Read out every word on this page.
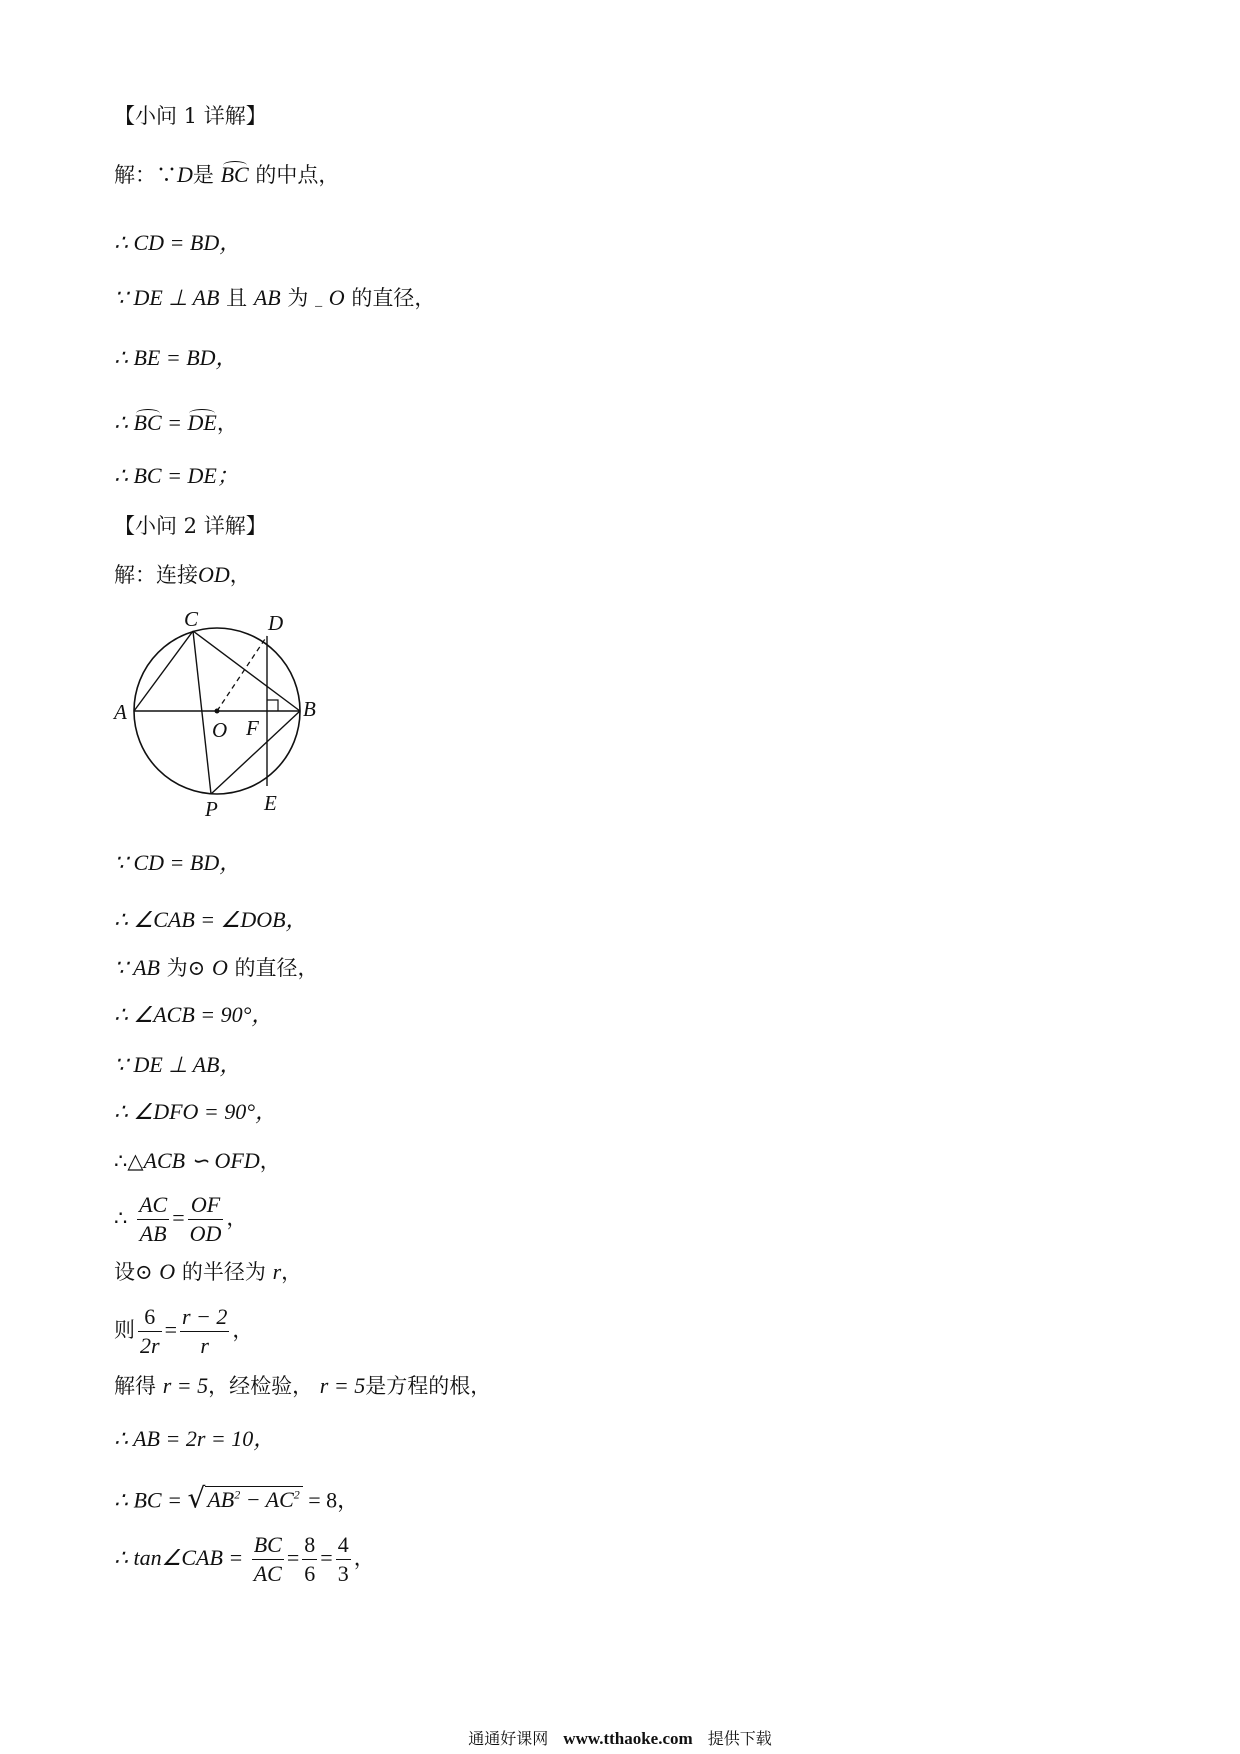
【小问 1 详解】
解：∵D是 BC 的中点，
∴ CD = BD，
∵ DE ⊥ AB 且 AB 为 _ O 的直径，
∴ BE = BD，
∴ BC = DE，
∴ BC = DE；
【小问 2 详解】
解：连接OD，
C	D
A
O F
B
E
P
∵ CD = BD，
∴ ∠CAB = ∠DOB，
∵ AB 为⊙ O 的直径，
∴ ∠ACB = 90°，
∵ DE ⊥ AB，
∴ ∠DFO = 90°，
∴△ACB ∽ OFD，
∴ $\frac{AC}{AB} = \frac{OF}{OD}$ ，
设⊙ O 的半径为 r，
则 $\frac{6}{2r} = \frac{r - 2}{r}$ ，
解得 r = 5，经检验， r = 5是方程的根，
∴ AB = 2r = 10，
∴ BC = $√AB^2 - AC^2 = 8$，
∴ tan∠CAB = $\frac{BC}{AC} = \frac{8}{6} = \frac{4}{3}$ ，
通通好课网 www.tthaoke.com 提供下载
